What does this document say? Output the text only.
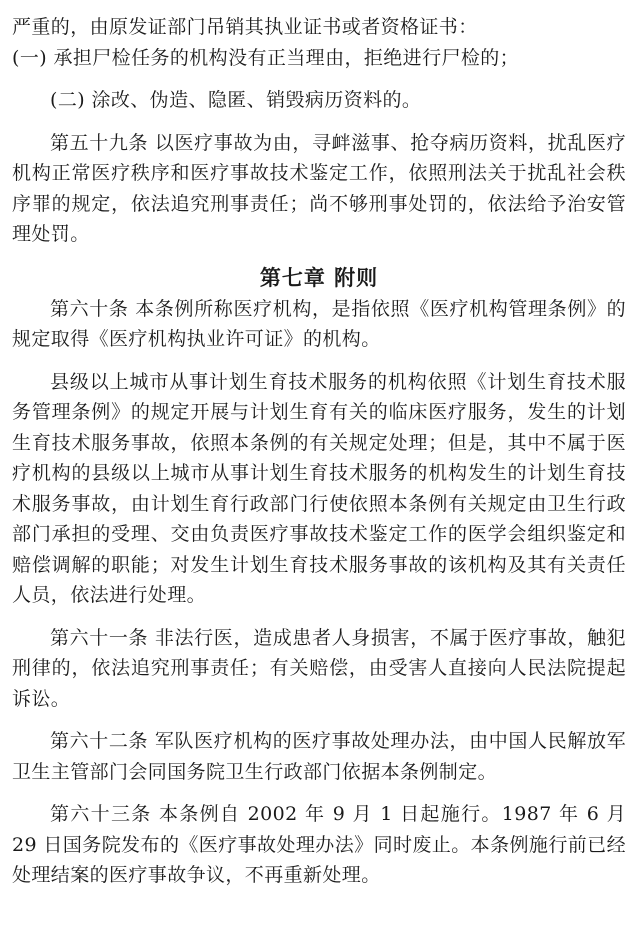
严重的，由原发证部门吊销其执业证书或者资格证书：

(一) 承担尸检任务的机构没有正当理由，拒绝进行尸检的；

(二) 涂改、伪造、隐匿、销毁病历资料的。

第五十九条 以医疗事故为由，寻衅滋事、抢夺病历资料，扰乱医疗机构正常医疗秩序和医疗事故技术鉴定工作，依照刑法关于扰乱社会秩序罪的规定，依法追究刑事责任；尚不够刑事处罚的，依法给予治安管理处罚。

第七章 附则

第六十条 本条例所称医疗机构，是指依照《医疗机构管理条例》的规定取得《医疗机构执业许可证》的机构。

县级以上城市从事计划生育技术服务的机构依照《计划生育技术服务管理条例》的规定开展与计划生育有关的临床医疗服务，发生的计划生育技术服务事故，依照本条例的有关规定处理；但是，其中不属于医疗机构的县级以上城市从事计划生育技术服务的机构发生的计划生育技术服务事故，由计划生育行政部门行使依照本条例有关规定由卫生行政部门承担的受理、交由负责医疗事故技术鉴定工作的医学会组织鉴定和赔偿调解的职能；对发生计划生育技术服务事故的该机构及其有关责任人员，依法进行处理。

第六十一条 非法行医，造成患者人身损害，不属于医疗事故，触犯刑律的，依法追究刑事责任；有关赔偿，由受害人直接向人民法院提起诉讼。

第六十二条 军队医疗机构的医疗事故处理办法，由中国人民解放军卫生主管部门会同国务院卫生行政部门依据本条例制定。

第六十三条 本条例自 2002 年 9 月 1 日起施行。1987 年 6 月 29 日国务院发布的《医疗事故处理办法》同时废止。本条例施行前已经处理结案的医疗事故争议，不再重新处理。
